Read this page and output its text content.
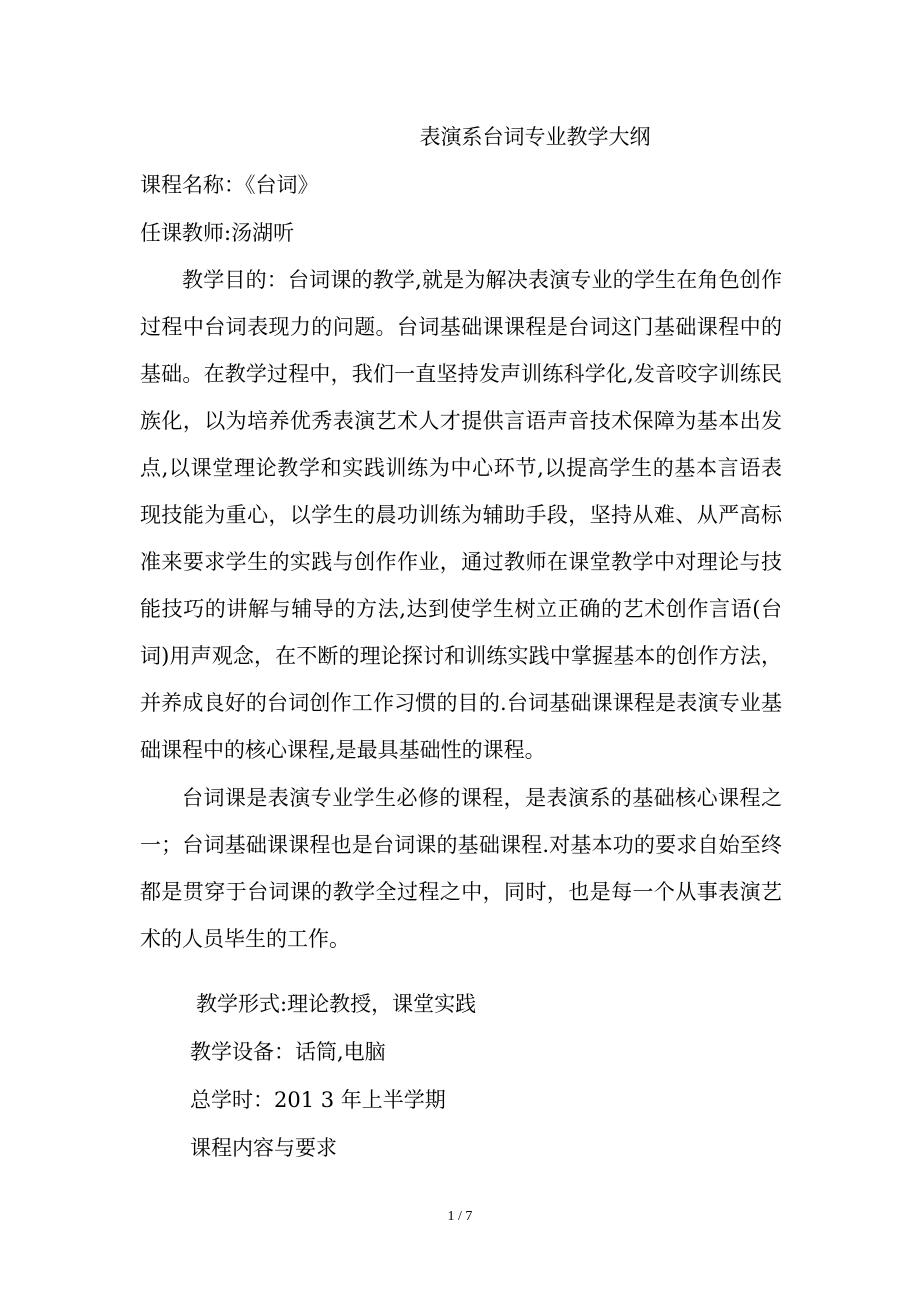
表演系台词专业教学大纲
课程名称：《台词》
任课教师:汤湖听

教学目的：台词课的教学,就是为解决表演专业的学生在角色创作过程中台词表现力的问题。台词基础课课程是台词这门基础课程中的基础。在教学过程中，我们一直坚持发声训练科学化,发音咬字训练民族化，以为培养优秀表演艺术人才提供言语声音技术保障为基本出发点,以课堂理论教学和实践训练为中心环节,以提高学生的基本言语表现技能为重心，以学生的晨功训练为辅助手段，坚持从难、从严高标准来要求学生的实践与创作作业，通过教师在课堂教学中对理论与技能技巧的讲解与辅导的方法,达到使学生树立正确的艺术创作言语(台词)用声观念，在不断的理论探讨和训练实践中掌握基本的创作方法，并养成良好的台词创作工作习惯的目的.台词基础课课程是表演专业基础课程中的核心课程,是最具基础性的课程。

台词课是表演专业学生必修的课程，是表演系的基础核心课程之一；台词基础课课程也是台词课的基础课程.对基本功的要求自始至终都是贯穿于台词课的教学全过程之中，同时，也是每一个从事表演艺术的人员毕生的工作。

教学形式:理论教授，课堂实践
教学设备：话筒,电脑
总学时：201 3 年上半学期
课程内容与要求
1 / 7
